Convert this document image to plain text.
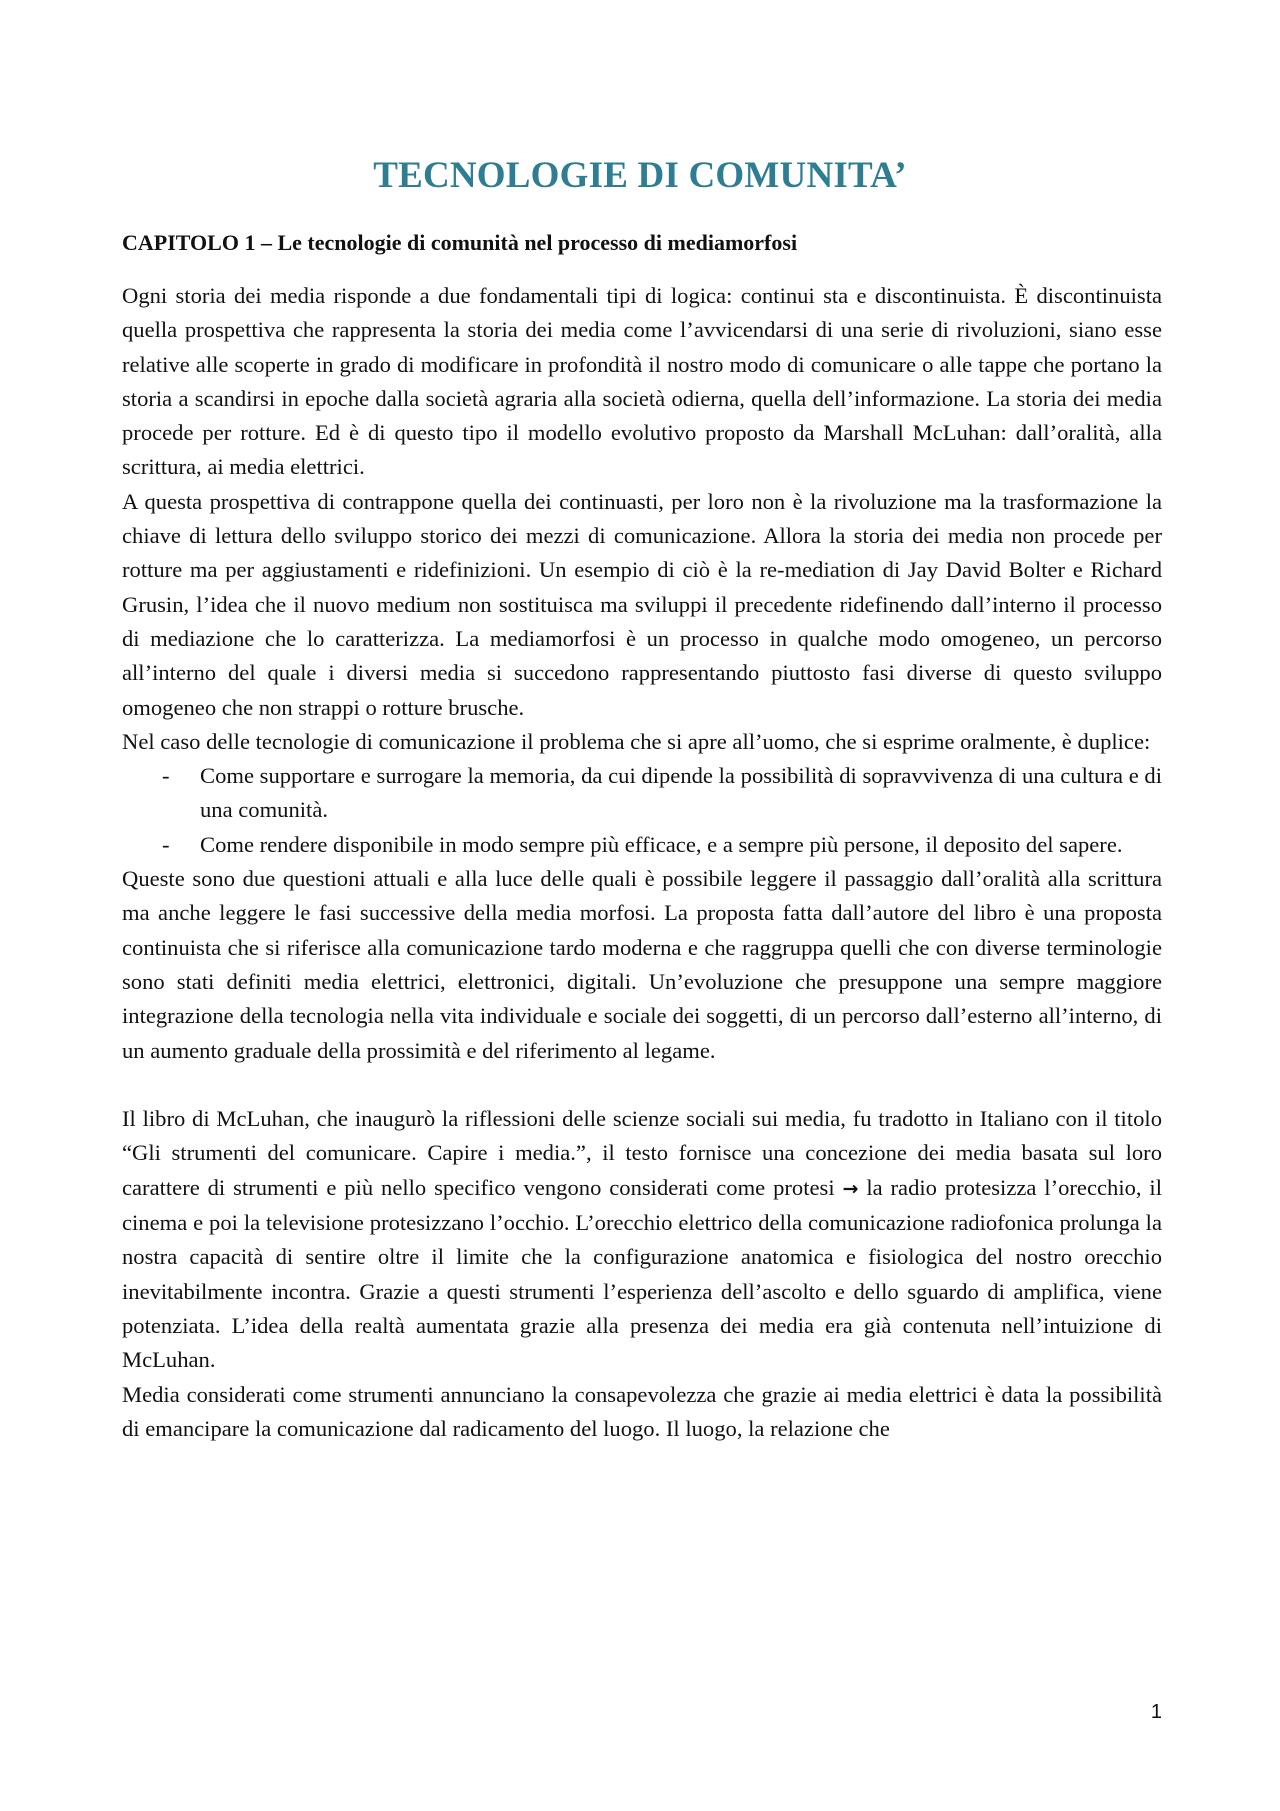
TECNOLOGIE DI COMUNITA’
CAPITOLO 1 – Le tecnologie di comunità nel processo di mediamorfosi

Ogni storia dei media risponde a due fondamentali tipi di logica: continui sta e discontinuista. È discontinuista quella prospettiva che rappresenta la storia dei media come l’avvicendarsi di una serie di rivoluzioni, siano esse relative alle scoperte in grado di modificare in profondità il nostro modo di comunicare o alle tappe che portano la storia a scandirsi in epoche dalla società agraria alla società odierna, quella dell’informazione. La storia dei media procede per rotture. Ed è di questo tipo il modello evolutivo proposto da Marshall McLuhan: dall’oralità, alla scrittura, ai media elettrici.

A questa prospettiva di contrappone quella dei continuasti, per loro non è la rivoluzione ma la trasformazione la chiave di lettura dello sviluppo storico dei mezzi di comunicazione. Allora la storia dei media non procede per rotture ma per aggiustamenti e ridefinizioni. Un esempio di ciò è la re-mediation di Jay David Bolter e Richard Grusin, l’idea che il nuovo medium non sostituisca ma sviluppi il precedente ridefinendo dall’interno il processo di mediazione che lo caratterizza. La mediamorfosi è un processo in qualche modo omogeneo, un percorso all’interno del quale i diversi media si succedono rappresentando piuttosto fasi diverse di questo sviluppo omogeneo che non strappi o rotture brusche.

Nel caso delle tecnologie di comunicazione il problema che si apre all’uomo, che si esprime oralmente, è duplice:

- Come supportare e surrogare la memoria, da cui dipende la possibilità di sopravvivenza di una cultura e di una comunità.
- Come rendere disponibile in modo sempre più efficace, e a sempre più persone, il deposito del sapere.

Queste sono due questioni attuali e alla luce delle quali è possibile leggere il passaggio dall’oralità alla scrittura ma anche leggere le fasi successive della media morfosi. La proposta fatta dall’autore del libro è una proposta continuista che si riferisce alla comunicazione tardo moderna e che raggruppa quelli che con diverse terminologie sono stati definiti media elettrici, elettronici, digitali. Un’evoluzione che presuppone una sempre maggiore integrazione della tecnologia nella vita individuale e sociale dei soggetti, di un percorso dall’esterno all’interno, di un aumento graduale della prossimità e del riferimento al legame.

Il libro di McLuhan, che inaugurò la riflessioni delle scienze sociali sui media, fu tradotto in Italiano con il titolo “Gli strumenti del comunicare. Capire i media.”, il testo fornisce una concezione dei media basata sul loro carattere di strumenti e più nello specifico vengono considerati come protesi → la radio protesizza l’orecchio, il cinema e poi la televisione protesizzano l’occhio. L’orecchio elettrico della comunicazione radiofonica prolunga la nostra capacità di sentire oltre il limite che la configurazione anatomica e fisiologica del nostro orecchio inevitabilmente incontra. Grazie a questi strumenti l’esperienza dell’ascolto e dello sguardo di amplifica, viene potenziata. L’idea della realtà aumentata grazie alla presenza dei media era già contenuta nell’intuizione di McLuhan.

Media considerati come strumenti annunciano la consapevolezza che grazie ai media elettrici è data la possibilità di emancipare la comunicazione dal radicamento del luogo. Il luogo, la relazione che

1
